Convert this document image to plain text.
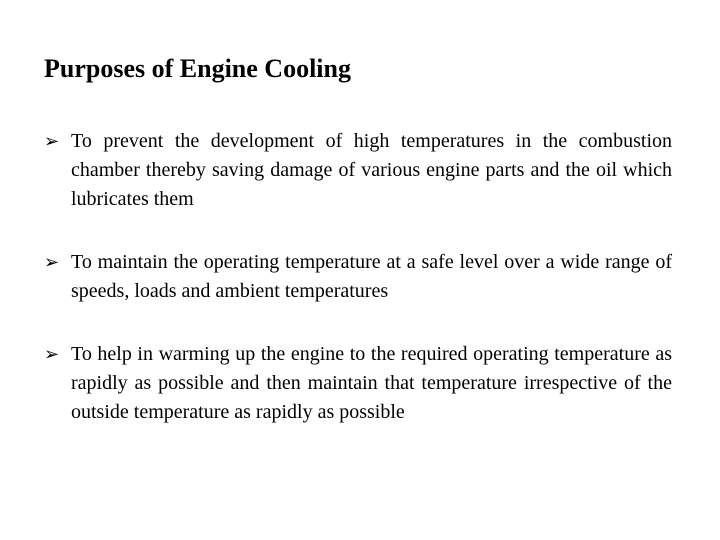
Purposes of Engine Cooling
➢ To prevent the development of high temperatures in the combustion chamber thereby saving damage of various engine parts and the oil which lubricates them
➢ To maintain the operating temperature at a safe level over a wide range of speeds, loads and ambient temperatures
➢ To help in warming up the engine to the required operating temperature as rapidly as possible and then maintain that temperature irrespective of the outside temperature as rapidly as possible
